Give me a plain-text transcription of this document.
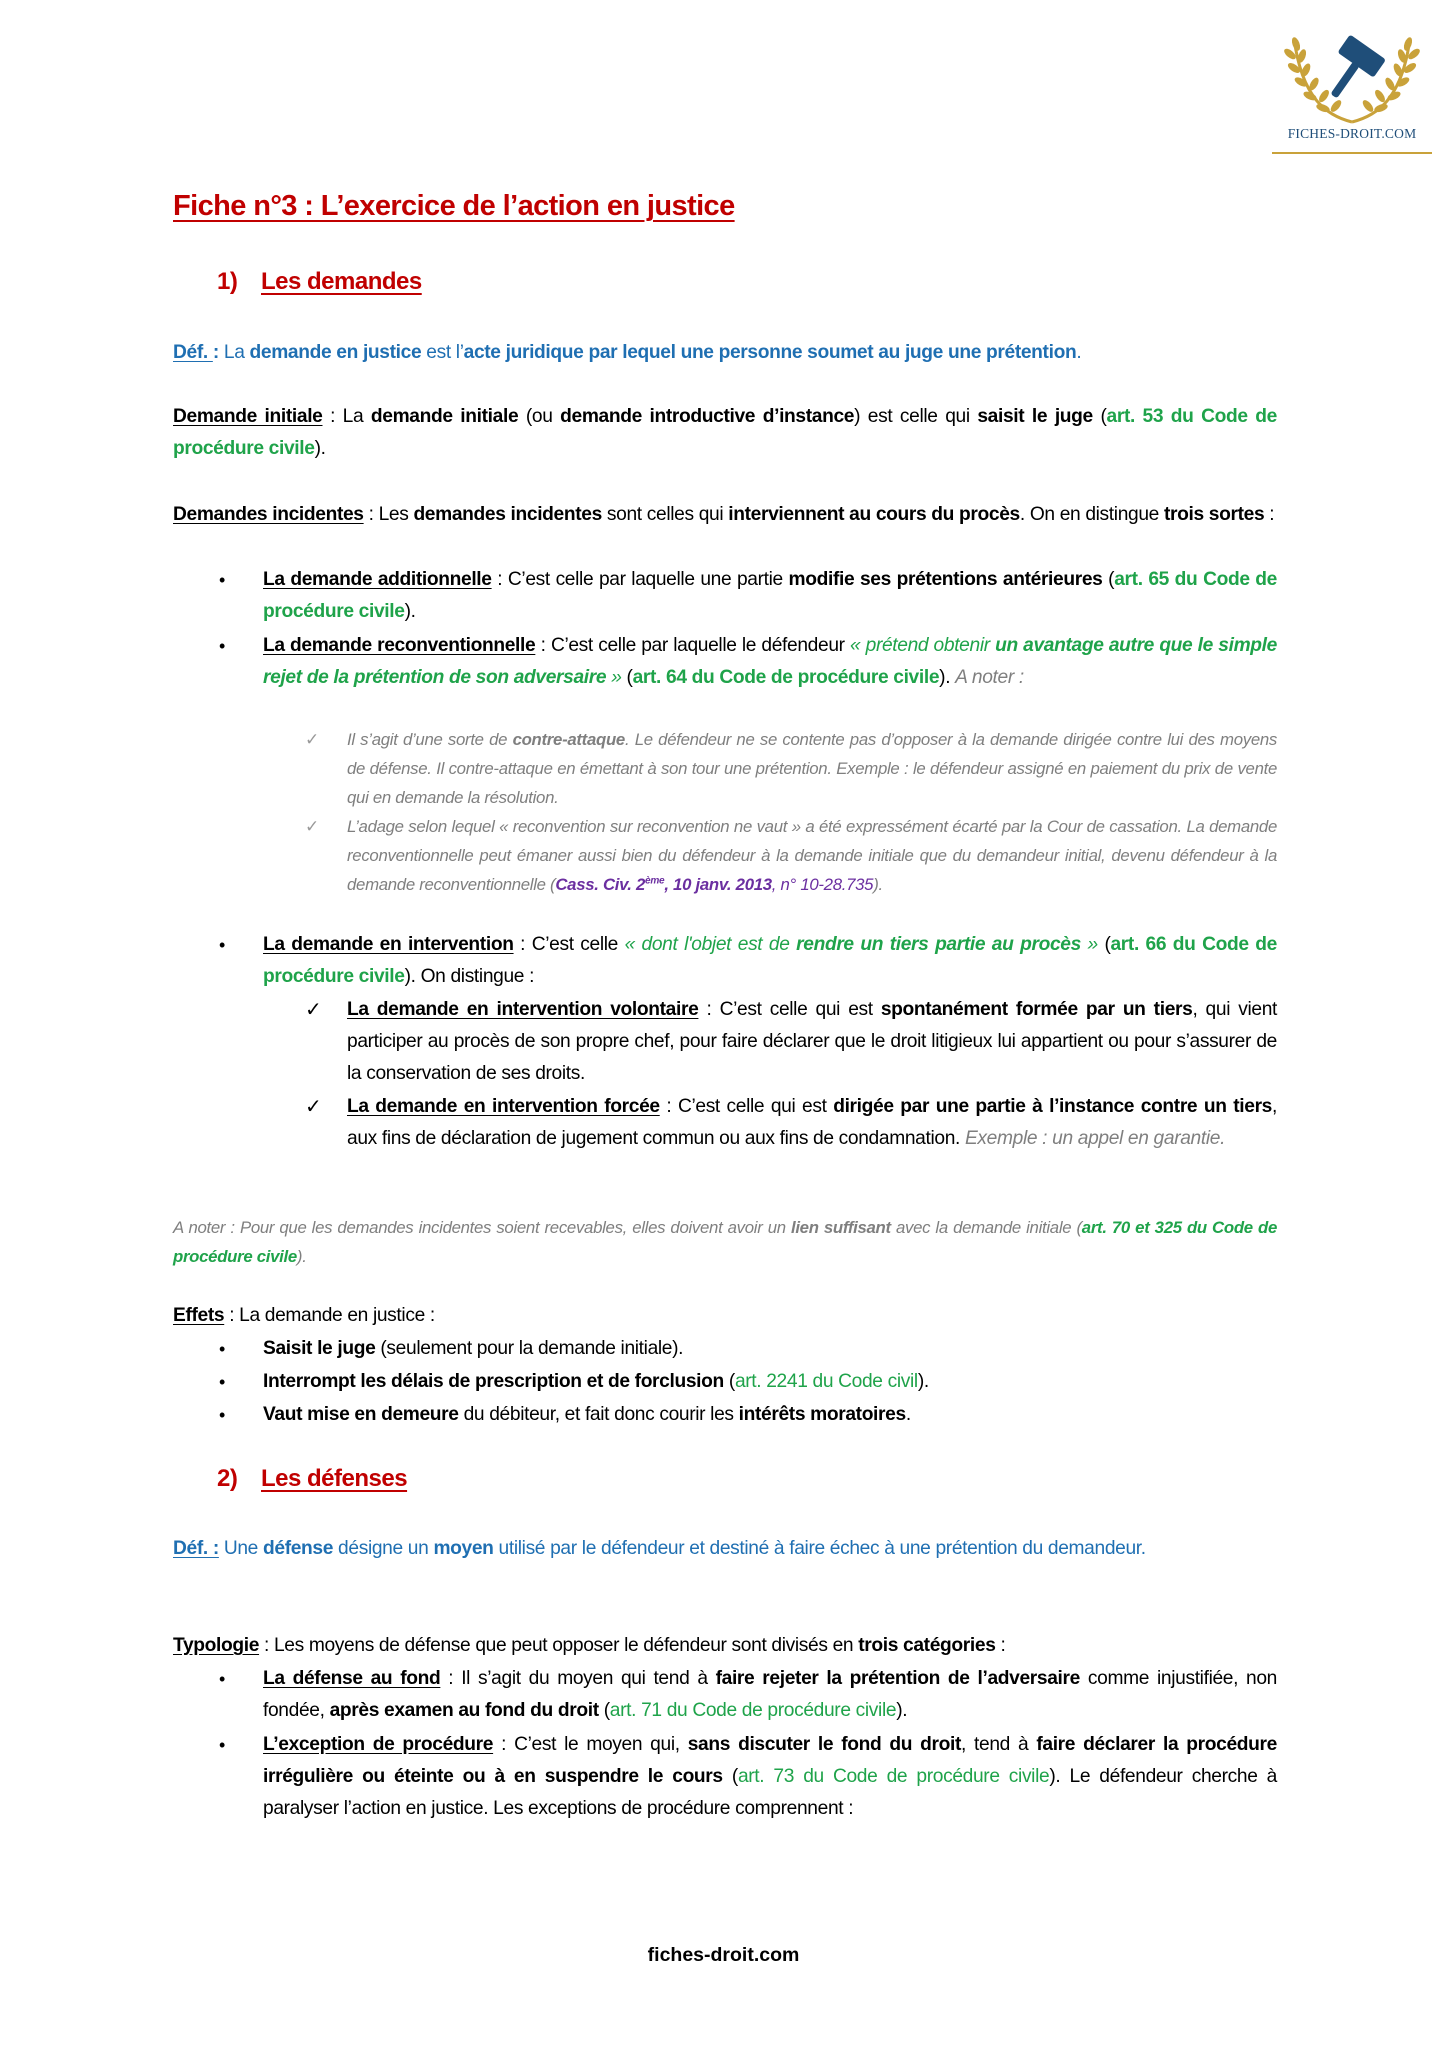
FICHES-DROIT.COM
Fiche n°3 : L’exercice de l’action en justice
1) Les demandes
Déf. : La demande en justice est l’acte juridique par lequel une personne soumet au juge une prétention.
Demande initiale : La demande initiale (ou demande introductive d’instance) est celle qui saisit le juge (art. 53 du Code de procédure civile).
Demandes incidentes : Les demandes incidentes sont celles qui interviennent au cours du procès. On en distingue trois sortes :
• La demande additionnelle : C’est celle par laquelle une partie modifie ses prétentions antérieures (art. 65 du Code de procédure civile).
• La demande reconventionnelle : C’est celle par laquelle le défendeur « prétend obtenir un avantage autre que le simple rejet de la prétention de son adversaire » (art. 64 du Code de procédure civile). A noter :
✓ Il s’agit d’une sorte de contre-attaque. Le défendeur ne se contente pas d’opposer à la demande dirigée contre lui des moyens de défense. Il contre-attaque en émettant à son tour une prétention. Exemple : le défendeur assigné en paiement du prix de vente qui en demande la résolution.
✓ L’adage selon lequel « reconvention sur reconvention ne vaut » a été expressément écarté par la Cour de cassation. La demande reconventionnelle peut émaner aussi bien du défendeur à la demande initiale que du demandeur initial, devenu défendeur à la demande reconventionnelle (Cass. Civ. 2ème, 10 janv. 2013, n° 10-28.735).
• La demande en intervention : C’est celle « dont l'objet est de rendre un tiers partie au procès » (art. 66 du Code de procédure civile). On distingue :
✓ La demande en intervention volontaire : C’est celle qui est spontanément formée par un tiers, qui vient participer au procès de son propre chef, pour faire déclarer que le droit litigieux lui appartient ou pour s’assurer de la conservation de ses droits.
✓ La demande en intervention forcée : C’est celle qui est dirigée par une partie à l’instance contre un tiers, aux fins de déclaration de jugement commun ou aux fins de condamnation. Exemple : un appel en garantie.
A noter : Pour que les demandes incidentes soient recevables, elles doivent avoir un lien suffisant avec la demande initiale (art. 70 et 325 du Code de procédure civile).
Effets : La demande en justice :
• Saisit le juge (seulement pour la demande initiale).
• Interrompt les délais de prescription et de forclusion (art. 2241 du Code civil).
• Vaut mise en demeure du débiteur, et fait donc courir les intérêts moratoires.
2) Les défenses
Déf. : Une défense désigne un moyen utilisé par le défendeur et destiné à faire échec à une prétention du demandeur.
Typologie : Les moyens de défense que peut opposer le défendeur sont divisés en trois catégories :
• La défense au fond : Il s’agit du moyen qui tend à faire rejeter la prétention de l’adversaire comme injustifiée, non fondée, après examen au fond du droit (art. 71 du Code de procédure civile).
• L’exception de procédure : C’est le moyen qui, sans discuter le fond du droit, tend à faire déclarer la procédure irrégulière ou éteinte ou à en suspendre le cours (art. 73 du Code de procédure civile). Le défendeur cherche à paralyser l’action en justice. Les exceptions de procédure comprennent :
fiches-droit.com
